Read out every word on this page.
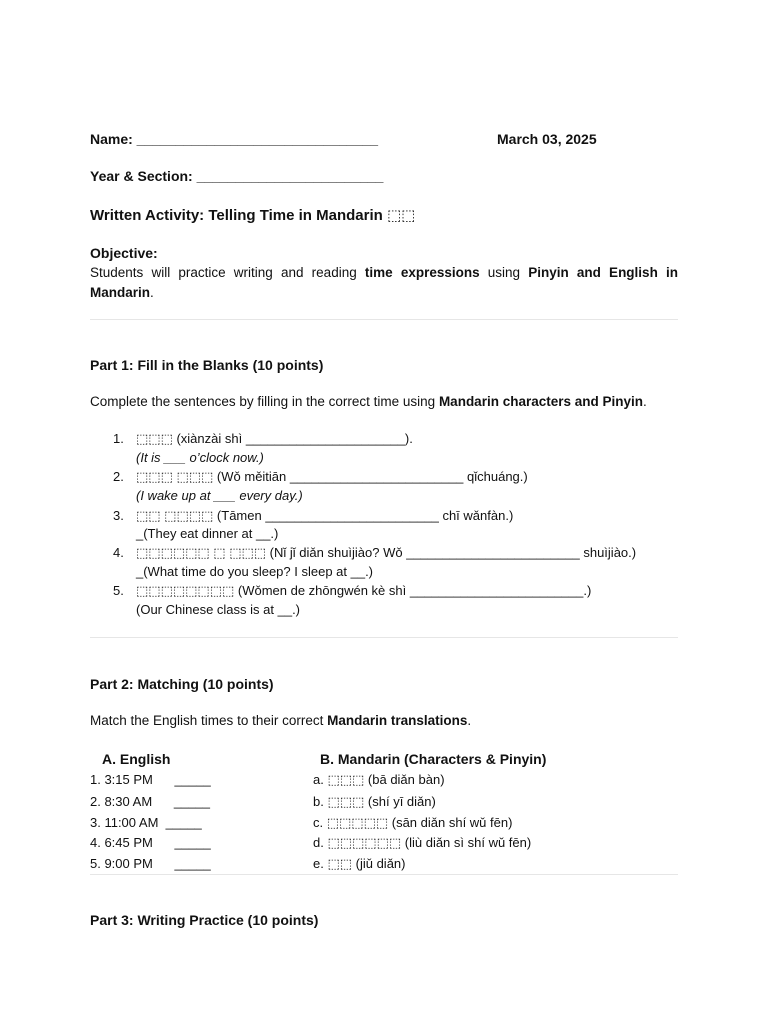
Name: _______________________________	March 03, 2025
Year & Section: ________________________
Written Activity: Telling Time in Mandarin ⬚⬚
Objective:
Students will practice writing and reading time expressions using Pinyin and English in Mandarin.
Part 1: Fill in the Blanks (10 points)
Complete the sentences by filling in the correct time using Mandarin characters and Pinyin.
1. ⬚⬚⬚ (xiànzài shì ______________________).
(It is ___ o’clock now.)
2. ⬚⬚⬚ ⬚⬚⬚ (Wǒ měitiān ________________________ qǐchuáng.)
(I wake up at ___ every day.)
3. ⬚⬚ ⬚⬚⬚⬚ (Tāmen ________________________ chī wǎnfàn.)
_(They eat dinner at __.)
4. ⬚⬚⬚⬚⬚⬚ ⬚ ⬚⬚⬚ (Nǐ jǐ diǎn shuìjiào? Wǒ ________________________ shuìjiào.)
_(What time do you sleep? I sleep at __.)
5. ⬚⬚⬚⬚⬚⬚⬚⬚ (Wǒmen de zhōngwén kè shì ________________________.)
(Our Chinese class is at __.)
Part 2: Matching (10 points)
Match the English times to their correct Mandarin translations.
A. English	B. Mandarin (Characters & Pinyin)
1. 3:15 PM      _____
2. 8:30 AM      _____
3. 11:00 AM  _____
4. 6:45 PM      _____
5. 9:00 PM      _____
a. ⬚⬚⬚ (bā diǎn bàn)
b. ⬚⬚⬚ (shí yī diǎn)
c. ⬚⬚⬚⬚⬚ (sān diǎn shí wǔ fēn)
d. ⬚⬚⬚⬚⬚⬚ (liù diǎn sì shí wǔ fēn)
e. ⬚⬚ (jiǔ diǎn)
Part 3: Writing Practice (10 points)
